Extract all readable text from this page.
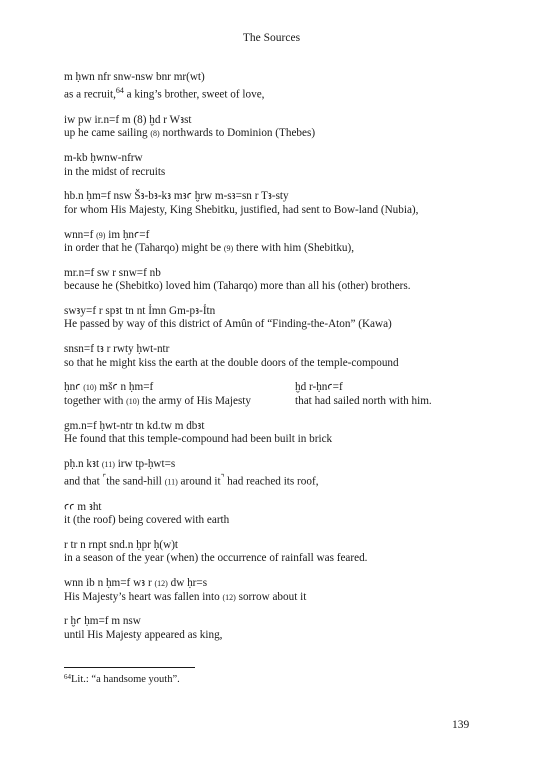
The Sources
m ḥwn nfr snw-nsw bnr mr(wt)
as a recruit,$^{64}$ a king’s brother, sweet of love,
iw pw ir.n=f m (8) ḫd r Wꜣst
up he came sailing (8) northwards to Dominion (Thebes)
m-kb ḥwnw-nfrw
in the midst of recruits
hb.n ḥm=f nsw Šꜣ-bꜣ-kꜣ mꜣꜥ ḫrw m-sꜣ=sn r Tꜣ-sty
for whom His Majesty, King Shebitku, justified, had sent to Bow-land (Nubia),
wnn=f (9) im ḥnꜥ=f
in order that he (Taharqo) might be (9) there with him (Shebitku),
mr.n=f sw r snw=f nb
because he (Shebitko) loved him (Taharqo) more than all his (other) brothers.
swꜣy=f r spꜣt tn nt Ỉmn Gm-pꜣ-Ỉtn
He passed by way of this district of Amûn of “Finding-the-Aton” (Kawa)
snsn=f tꜣ r rwty ḥwt-ntr
so that he might kiss the earth at the double doors of the temple-compound
ḥnꜥ (10) mšꜥ n ḥm=f	ḫd r-ḥnꜥ=f
together with (10) the army of His Majesty	that had sailed north with him.
gm.n=f ḥwt-ntr tn kd.tw m dbꜣt
He found that this temple-compound had been built in brick
pḥ.n kꜣt (11) irw tp-ḥwt=s
and that ⌜the sand-hill (11) around it⌝ had reached its roof,
ꜥꜥ m ꜣht
it (the roof) being covered with earth
r tr n rnpt snd.n ḥpr ḥ(w)t
in a season of the year (when) the occurrence of rainfall was feared.
wnn ib n ḥm=f wꜣ r (12) dw ḥr=s
His Majesty’s heart was fallen into (12) sorrow about it
r ḫꜥ ḥm=f m nsw
until His Majesty appeared as king,
$^{64}$Lit.: “a handsome youth”.
139
